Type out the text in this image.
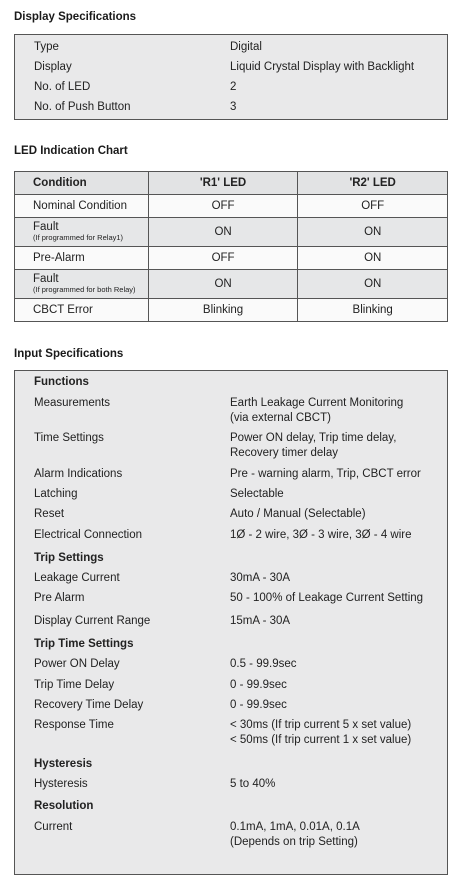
Display Specifications
Type	Digital
Display	Liquid Crystal Display with Backlight
No. of LED	2
No. of Push Button	3
LED Indication Chart
Condition	'R1' LED	'R2' LED
Nominal Condition	OFF	OFF

Fault
(If programmed for Relay1)	ON	ON
Pre-Alarm	OFF	ON

Fault
(If programmed for both Relay)	ON	ON
CBCT Error	Blinking	Blinking
Input Specifications
Functions
Measurements	Earth Leakage Current Monitoring
(via external CBCT)
Time Settings	Power ON delay, Trip time delay,
Recovery timer delay
Alarm Indications	Pre - warning alarm, Trip, CBCT error
Latching	Selectable
Reset	Auto / Manual (Selectable)
Electrical Connection	1Ø - 2 wire, 3Ø - 3 wire, 3Ø - 4 wire
Trip Settings
Leakage Current	30mA - 30A
Pre Alarm	50 - 100% of Leakage Current Setting
Display Current Range	15mA - 30A
Trip Time Settings
Power ON Delay	0.5 - 99.9sec
Trip Time Delay	0 - 99.9sec
Recovery Time Delay	0 - 99.9sec
Response Time	< 30ms (If trip current 5 x set value)
< 50ms (If trip current 1 x set value)
Hysteresis
Hysteresis	5 to 40%
Resolution
Current	0.1mA, 1mA, 0.01A, 0.1A
(Depends on trip Setting)
